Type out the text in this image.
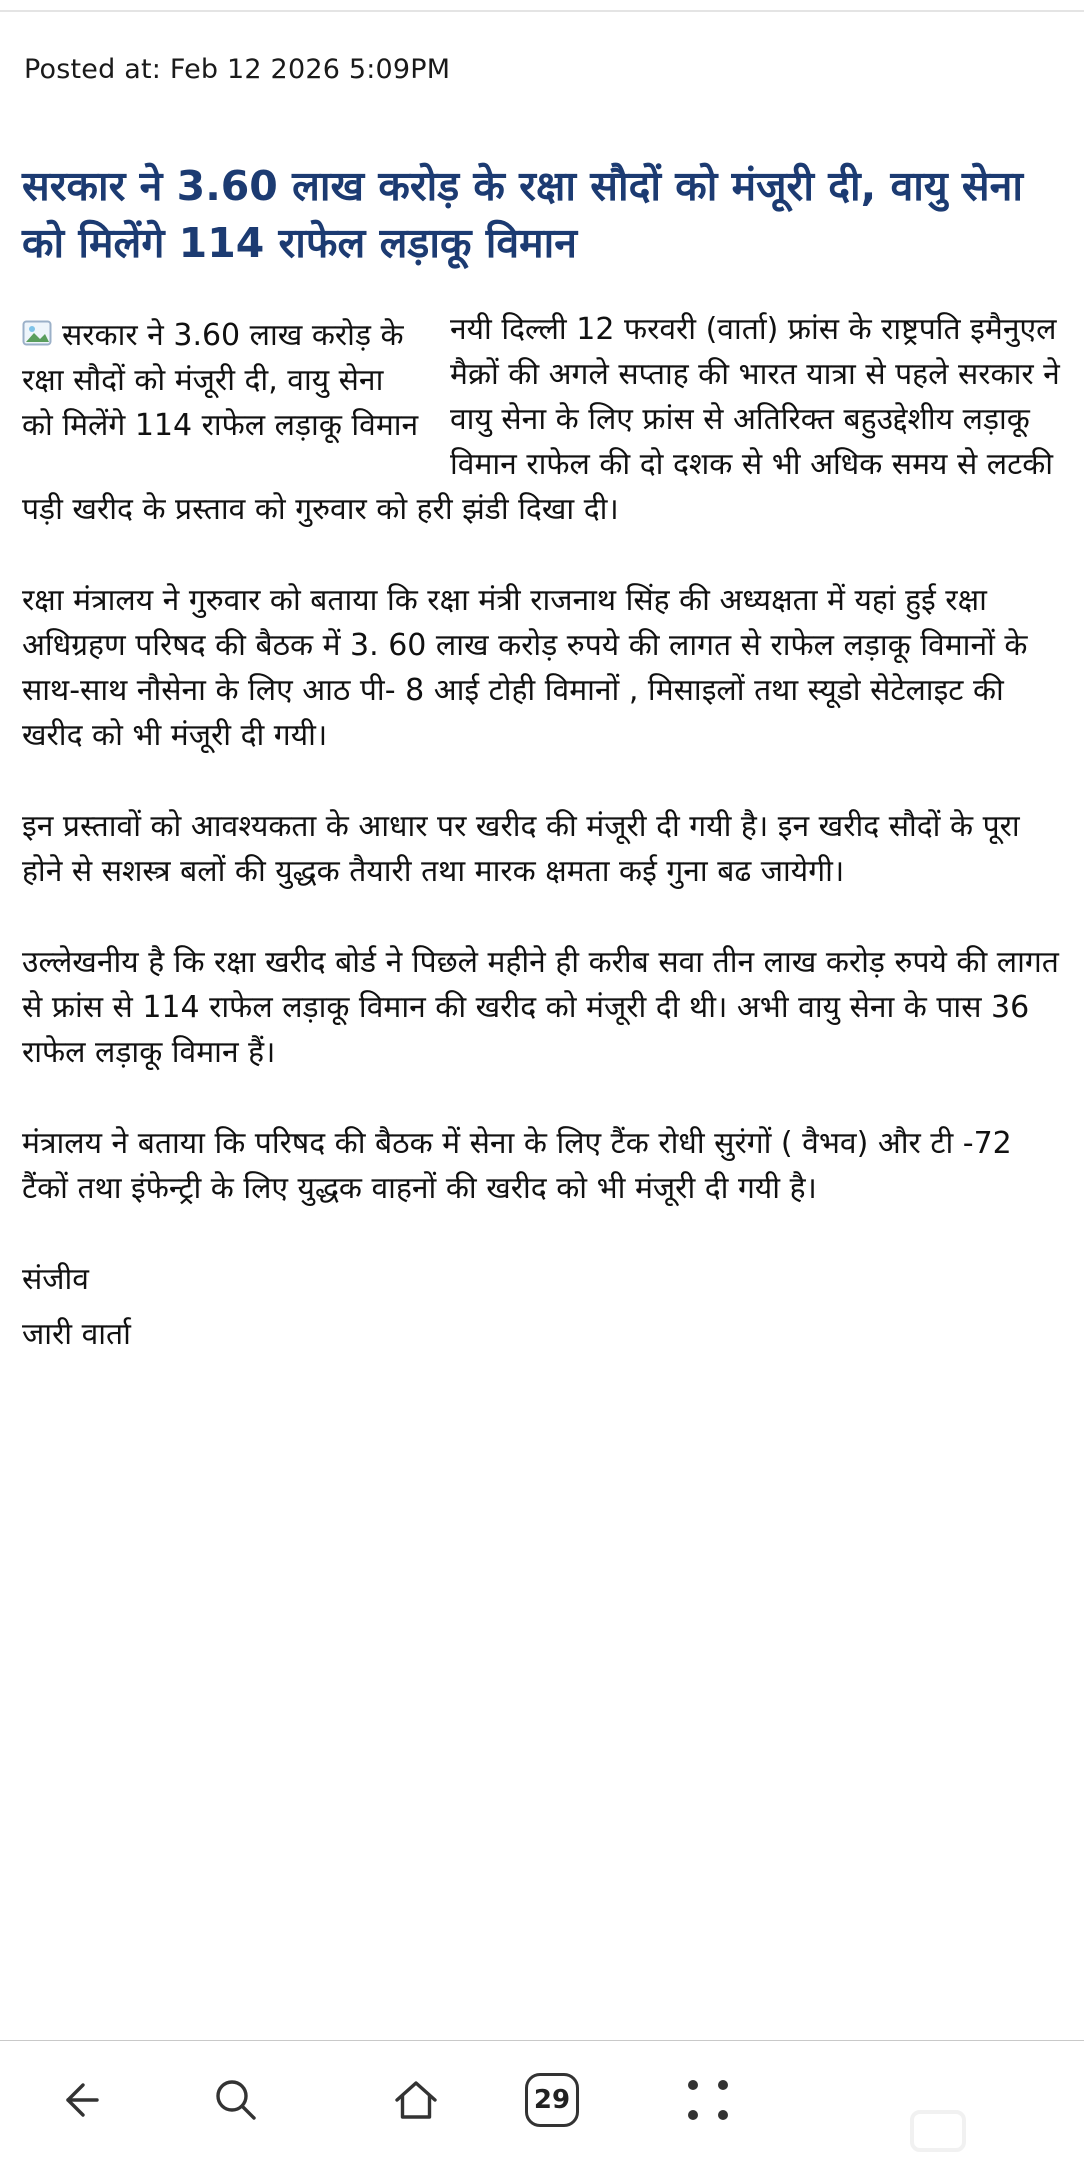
Posted at: Feb 12 2026 5:09PM
सरकार ने 3.60 लाख करोड़ के रक्षा सौदों को मंजूरी दी, वायु सेना को मिलेंगे 114 राफेल लड़ाकू विमान
सरकार ने 3.60 लाख करोड़ के रक्षा सौदों को मंजूरी दी, वायु सेना को मिलेंगे 114 राफेल लड़ाकू विमान

नयी दिल्ली 12 फरवरी (वार्ता) फ्रांस के राष्ट्रपति इमैनुएल मैक्रों की अगले सप्ताह की भारत यात्रा से पहले सरकार ने वायु सेना के लिए फ्रांस से अतिरिक्त बहुउद्देशीय लड़ाकू विमान राफेल की दो दशक से भी अधिक समय से लटकी पड़ी खरीद के प्रस्ताव को गुरुवार को हरी झंडी दिखा दी।

रक्षा मंत्रालय ने गुरुवार को बताया कि रक्षा मंत्री राजनाथ सिंह की अध्यक्षता में यहां हुई रक्षा अधिग्रहण परिषद की बैठक में 3. 60 लाख करोड़ रुपये की लागत से राफेल लड़ाकू विमानों के साथ-साथ नौसेना के लिए आठ पी- 8 आई टोही विमानों , मिसाइलों तथा स्यूडो सेटेलाइट की खरीद को भी मंजूरी दी गयी।

इन प्रस्तावों को आवश्यकता के आधार पर खरीद की मंजूरी दी गयी है। इन खरीद सौदों के पूरा होने से सशस्त्र बलों की युद्धक तैयारी तथा मारक क्षमता कई गुना बढ जायेगी।

उल्लेखनीय है कि रक्षा खरीद बोर्ड ने पिछले महीने ही करीब सवा तीन लाख करोड़ रुपये की लागत से फ्रांस से 114 राफेल लड़ाकू विमान की खरीद को मंजूरी दी थी। अभी वायु सेना के पास 36 राफेल लड़ाकू विमान हैं।

मंत्रालय ने बताया कि परिषद की बैठक में सेना के लिए टैंक रोधी सुरंगों ( वैभव) और टी -72 टैंकों तथा इंफेन्ट्री के लिए युद्धक वाहनों की खरीद को भी मंजूरी दी गयी है।

संजीव

जारी वार्ता

29
